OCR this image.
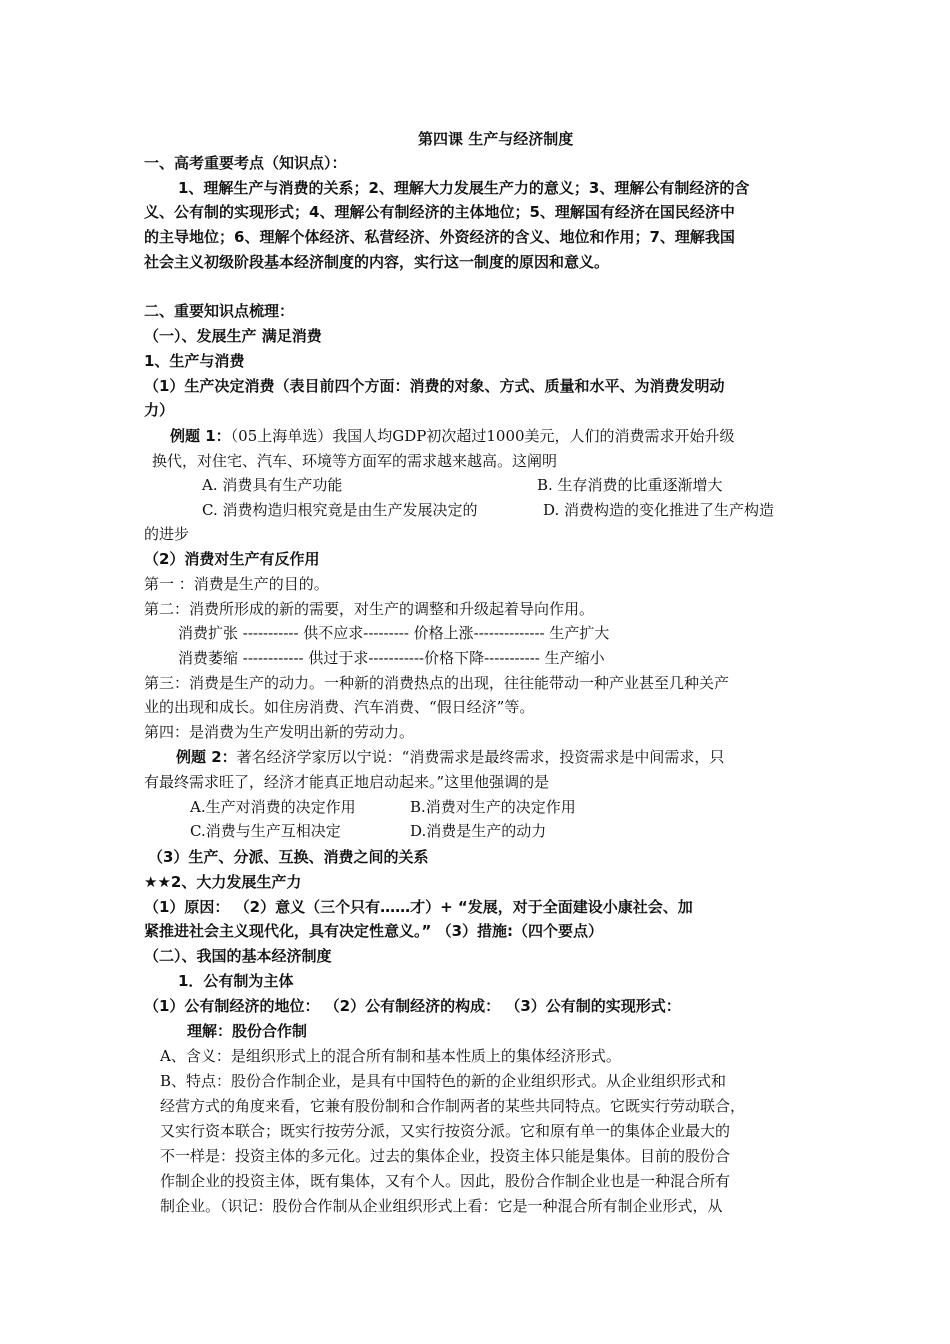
第四课 生产与经济制度
一、高考重要考点（知识点）：
1、理解生产与消费的关系；2、理解大力发展生产力的意义；3、理解公有制经济的含
义、公有制的实现形式；4、理解公有制经济的主体地位；5、理解国有经济在国民经济中
的主导地位；6、理解个体经济、私营经济、外资经济的含义、地位和作用；7、理解我国
社会主义初级阶段基本经济制度的内容，实行这一制度的原因和意义。
二、重要知识点梳理：
（一）、发展生产 满足消费
1、生产与消费
（1）生产决定消费（表目前四个方面：消费的对象、方式、质量和水平、为消费发明动
力）
例题 1：（05上海单选）我国人均GDP初次超过1000美元，人们的消费需求开始升级
换代，对住宅、汽车、环境等方面军的需求越来越高。这阐明
A. 消费具有生产功能	B. 生存消费的比重逐渐增大
C. 消费构造归根究竟是由生产发展决定的	D. 消费构造的变化推进了生产构造
的进步
（2）消费对生产有反作用
第一 ：消费是生产的目的。
第二：消费所形成的新的需要，对生产的调整和升级起着导向作用。
消费扩张 ----------- 供不应求--------- 价格上涨-------------- 生产扩大
消费萎缩 ------------ 供过于求-----------价格下降----------- 生产缩小
第三：消费是生产的动力。一种新的消费热点的出现，往往能带动一种产业甚至几种关产
业的出现和成长。如住房消费、汽车消费、“假日经济”等。
第四：是消费为生产发明出新的劳动力。
例题 2：著名经济学家厉以宁说：“消费需求是最终需求，投资需求是中间需求，只
有最终需求旺了，经济才能真正地启动起来。”这里他强调的是
A.生产对消费的决定作用	B.消费对生产的决定作用
C.消费与生产互相决定	D.消费是生产的动力
（3）生产、分派、互换、消费之间的关系
★★2、大力发展生产力
（1）原因： （2）意义（三个只有……才）+ “发展，对于全面建设小康社会、加
紧推进社会主义现代化，具有决定性意义。” （3）措施:（四个要点）
（二）、我国的基本经济制度
1．公有制为主体
（1）公有制经济的地位： （2）公有制经济的构成： （3）公有制的实现形式：
理解：股份合作制
A、含义：是组织形式上的混合所有制和基本性质上的集体经济形式。
B、特点：股份合作制企业，是具有中国特色的新的企业组织形式。从企业组织形式和
经营方式的角度来看，它兼有股份制和合作制两者的某些共同特点。它既实行劳动联合，
又实行资本联合；既实行按劳分派，又实行按资分派。它和原有单一的集体企业最大的
不一样是：投资主体的多元化。过去的集体企业，投资主体只能是集体。目前的股份合
作制企业的投资主体，既有集体，又有个人。因此，股份合作制企业也是一种混合所有
制企业。（识记：股份合作制从企业组织形式上看：它是一种混合所有制企业形式，从
